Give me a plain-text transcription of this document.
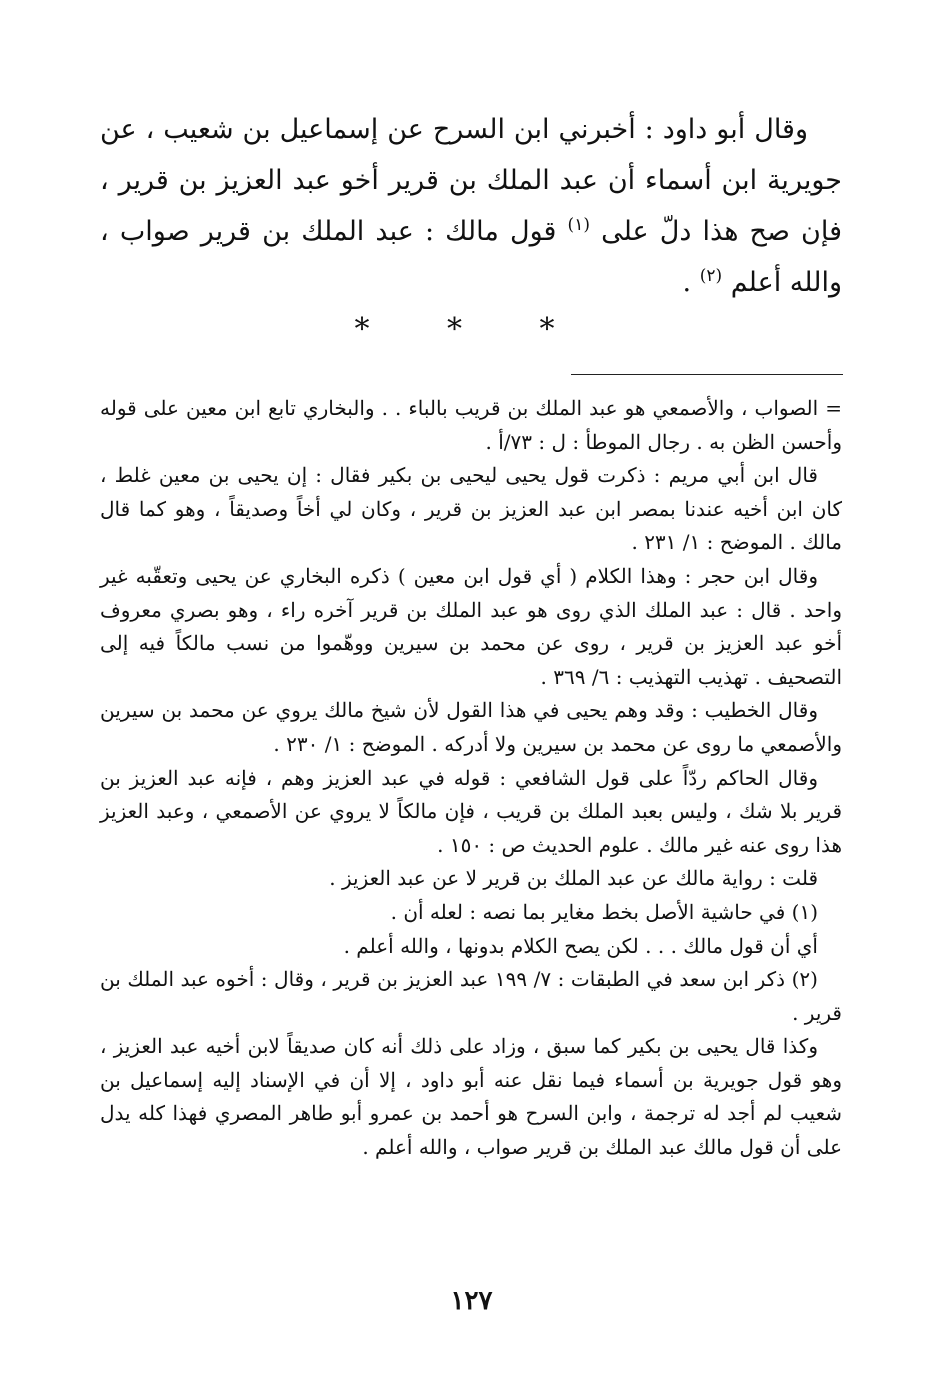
وقال أبو داود : أخبرني ابن السرح عن إسماعيل بن شعيب ، عن جويرية ابن أسماء أن عبد الملك بن قرير أخو عبد العزيز بن قرير ، فإن صح هذا دلّ على $^{(١)}$ قول مالك : عبد الملك بن قرير صواب ، والله أعلم $^{(٢)}$ .

* * *

= الصواب ، والأصمعي هو عبد الملك بن قريب بالباء . . والبخاري تابع ابن معين على قوله وأحسن الظن به . رجال الموطأ : ل : ٧٣/أ .

قال ابن أبي مريم : ذكرت قول يحيى ليحيى بن بكير فقال : إن يحيى بن معين غلط ، كان ابن أخيه عندنا بمصر ابن عبد العزيز بن قرير ، وكان لي أخاً وصديقاً ، وهو كما قال مالك . الموضح : ١/ ٢٣١ .

وقال ابن حجر : وهذا الكلام ( أي قول ابن معين ) ذكره البخاري عن يحيى وتعقّبه غير واحد . قال : عبد الملك الذي روى هو عبد الملك بن قرير آخره راء ، وهو بصري معروف أخو عبد العزيز بن قرير ، روى عن محمد بن سيرين ووهّموا من نسب مالكاً فيه إلى التصحيف . تهذيب التهذيب : ٦/ ٣٦٩ .

وقال الخطيب : وقد وهم يحيى في هذا القول لأن شيخ مالك يروي عن محمد بن سيرين والأصمعي ما روى عن محمد بن سيرين ولا أدركه . الموضح : ١/ ٢٣٠ .

وقال الحاكم ردّاً على قول الشافعي : قوله في عبد العزيز وهم ، فإنه عبد العزيز بن قرير بلا شك ، وليس بعبد الملك بن قريب ، فإن مالكاً لا يروي عن الأصمعي ، وعبد العزيز هذا روى عنه غير مالك . علوم الحديث ص : ١٥٠ .

قلت : رواية مالك عن عبد الملك بن قرير لا عن عبد العزيز .

(١) في حاشية الأصل بخط مغاير بما نصه : لعله أن .

أي أن قول مالك . . . لكن يصح الكلام بدونها ، والله أعلم .

(٢) ذكر ابن سعد في الطبقات : ٧/ ١٩٩ عبد العزيز بن قرير ، وقال : أخوه عبد الملك بن قرير .

وكذا قال يحيى بن بكير كما سبق ، وزاد على ذلك أنه كان صديقاً لابن أخيه عبد العزيز ، وهو قول جويرية بن أسماء فيما نقل عنه أبو داود ، إلا أن في الإسناد إليه إسماعيل بن شعيب لم أجد له ترجمة ، وابن السرح هو أحمد بن عمرو أبو طاهر المصري فهذا كله يدل على أن قول مالك عبد الملك بن قرير صواب ، والله أعلم .

١٢٧
